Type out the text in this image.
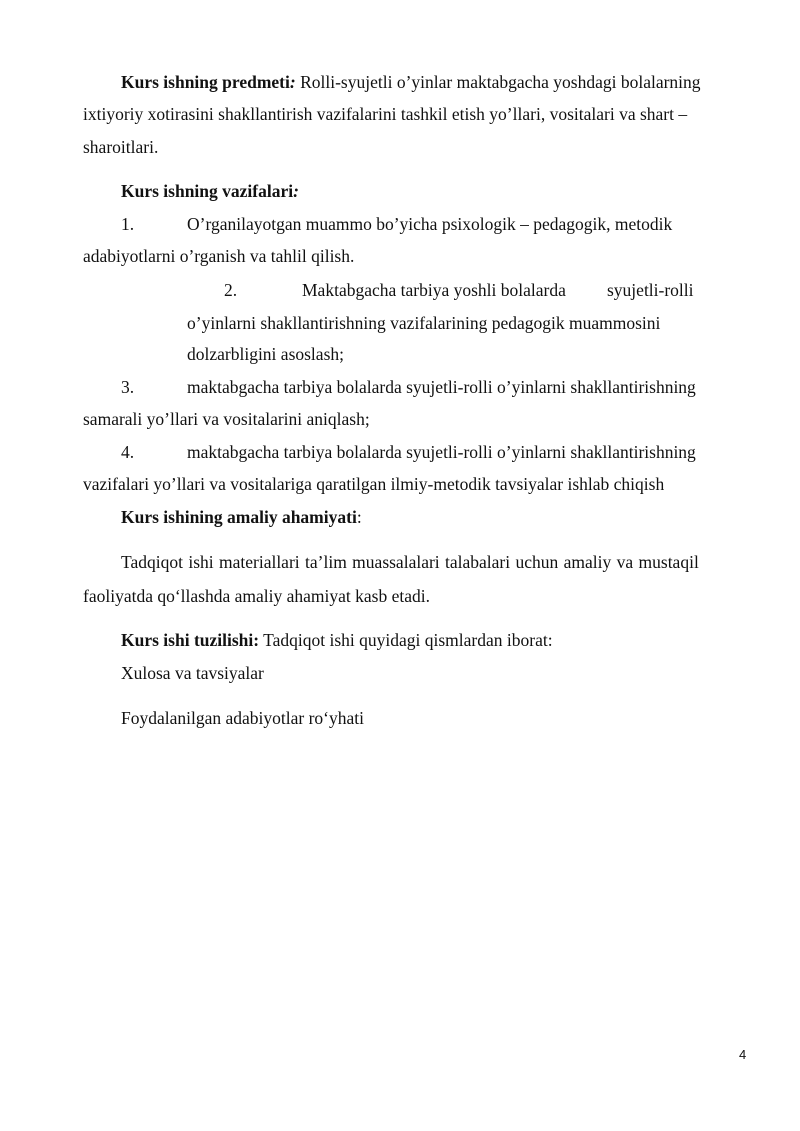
Kurs ishning predmeti: Rolli-syujetli o’yinlar maktabgacha yoshdagi bolalarning
ixtiyoriy xotirasini shakllantirish vazifalarini tashkil etish yo’llari, vositalari va shart –
sharoitlari.
Kurs ishning vazifalari:
1.	O’rganilayotgan muammo bo’yicha psixologik – pedagogik, metodik
adabiyotlarni o’rganish va tahlil qilish.
2.	Maktabgacha tarbiya yoshli bolalarda syujetli-rolli
o’yinlarni shakllantirishning vazifalarining pedagogik muammosini
dolzarbligini asoslash;
3.	maktabgacha tarbiya bolalarda syujetli-rolli o’yinlarni shakllantirishning
samarali yo’llari va vositalarini aniqlash;
4.	maktabgacha tarbiya bolalarda syujetli-rolli o’yinlarni shakllantirishning
vazifalari yo’llari va vositalariga qaratilgan ilmiy-metodik tavsiyalar ishlab chiqish
Kurs ishining amaliy ahamiyati:
Tadqiqot ishi materiallari ta’lim muassalalari talabalari uchun amaliy va mustaqil
faoliyatda qo‘llashda amaliy ahamiyat kasb etadi.
Kurs ishi tuzilishi: Tadqiqot ishi quyidagi qismlardan iborat:
Xulosa va tavsiyalar
Foydalanilgan adabiyotlar ro‘yhati
4
